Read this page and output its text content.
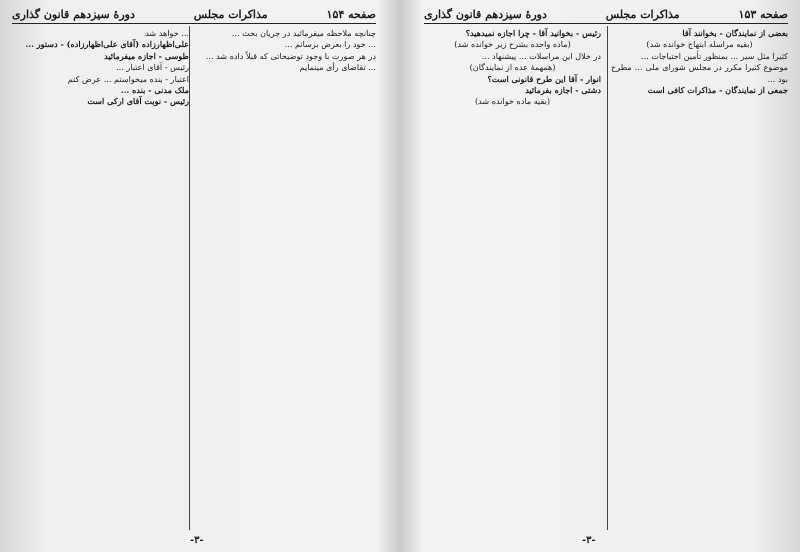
صفحه ۱۵۴
مذاکرات مجلس
دورهٔ سیزدهم قانون گذاری

چنانچه ملاحظه میفرمائید در جریان بحث ...

... خود را بعرض برسانم ...

در هر صورت با وجود توضیحاتی که قبلاً داده شد ...

... تقاضای رأی مینمایم

... خواهد شد

علی‌اظهارزاده (آقای علی‌اظهارزاده) - دستور ...

طوسی - اجازه میفرمائید

رئیس - آقای اعتبار ...

اعتبار - بنده میخواستم ... عرض کنم

ملک مدنی - بنده ...

رئیس - نوبت آقای ارکی است

-۳-
صفحه ۱۵۳
مذاکرات مجلس
دورهٔ سیزدهم قانون گذاری

بعضی از نمایندگان - بخوانند آقا

(بقیه مراسله ابتهاج خوانده شد)

کثیرا مثل سیر ... بمنظور تأمین احتیاجات ...

موضوع کثیرا مکرر در مجلس شورای ملی ... مطرح بود ...

جمعی از نمایندگان - مذاکرات کافی است

رئیس - بخوانید آقا - چرا اجازه نمیدهید؟

(ماده واحده بشرح زیر خوانده شد)

در خلال این مراسلات ... پیشنهاد ...

(همهمهٔ عده از نمایندگان)

انوار - آقا این طرح قانونی است؟

دشتی - اجازه بفرمائید

(بقیه ماده خوانده شد)

-۳-
